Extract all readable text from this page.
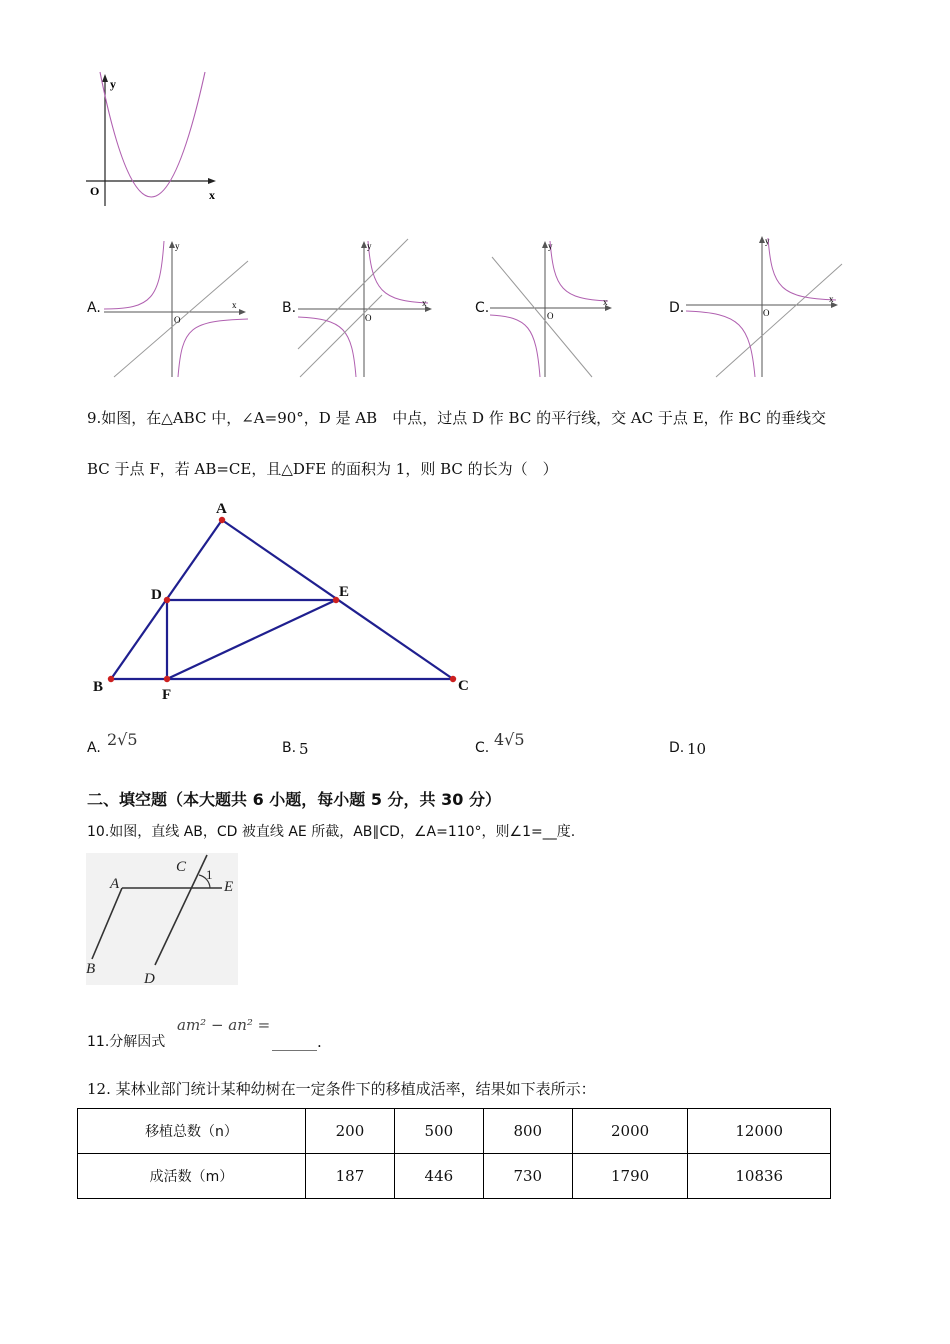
y
x
O
A.
y
x
O
B.
y
x
O
C.
y
x
O	D.
y
x
O
9.如图，在△ABC 中，∠A=90°，D 是 AB　中点，过点 D 作 BC 的平行线，交 AC 于点 E，作 BC 的垂线交
BC 于点 F，若 AB=CE，且△DFE 的面积为 1，则 BC 的长为（　）
A
B	C
D	E
F
A. 2√5	B. 5	C. 4√5	D. 10
二、填空题（本大题共 6 小题，每小题 5 分，共 30 分）
10.如图，直线 AB，CD 被直线 AE 所截，AB∥CD，∠A=110°，则∠1=__度.
A
B
C
D
E
1
11.分解因式
am² − an² =
______.
12. 某林业部门统计某种幼树在一定条件下的移植成活率，结果如下表所示：
移植总数（n）	200	500	800	2000	12000
成活数（m）	187	446	730	1790	10836
